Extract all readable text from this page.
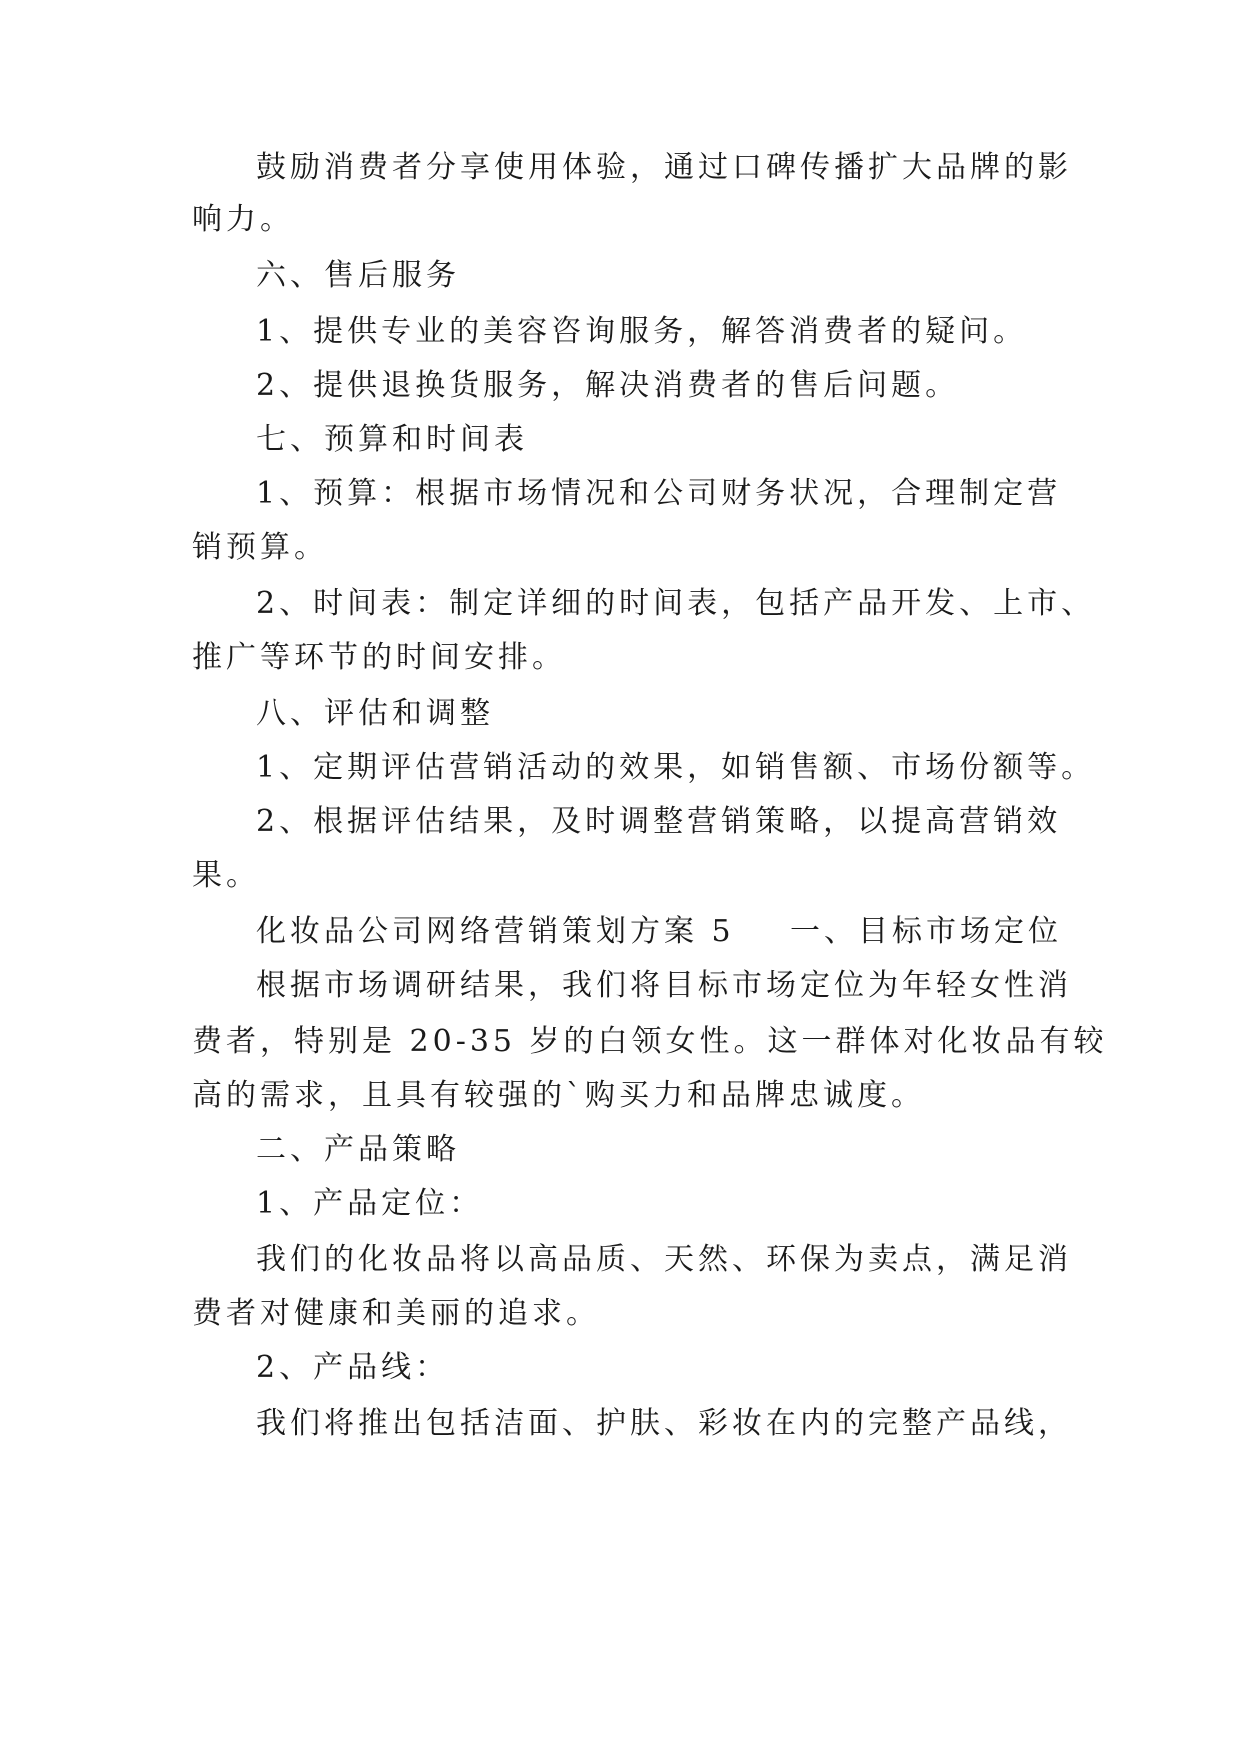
鼓励消费者分享使用体验，通过口碑传播扩大品牌的影
响力。
六、售后服务
1、提供专业的美容咨询服务，解答消费者的疑问。
2、提供退换货服务，解决消费者的售后问题。
七、预算和时间表
1、预算：根据市场情况和公司财务状况，合理制定营
销预算。
2、时间表：制定详细的时间表，包括产品开发、上市、
推广等环节的时间安排。
八、评估和调整
1、定期评估营销活动的效果，如销售额、市场份额等。
2、根据评估结果，及时调整营销策略，以提高营销效
果。
化妆品公司网络营销策划方案 5 一、目标市场定位
根据市场调研结果，我们将目标市场定位为年轻女性消
费者，特别是 20-35 岁的白领女性。这一群体对化妆品有较
高的需求，且具有较强的`购买力和品牌忠诚度。
二、产品策略
1、产品定位：
我们的化妆品将以高品质、天然、环保为卖点，满足消
费者对健康和美丽的追求。
2、产品线：
我们将推出包括洁面、护肤、彩妆在内的完整产品线，
